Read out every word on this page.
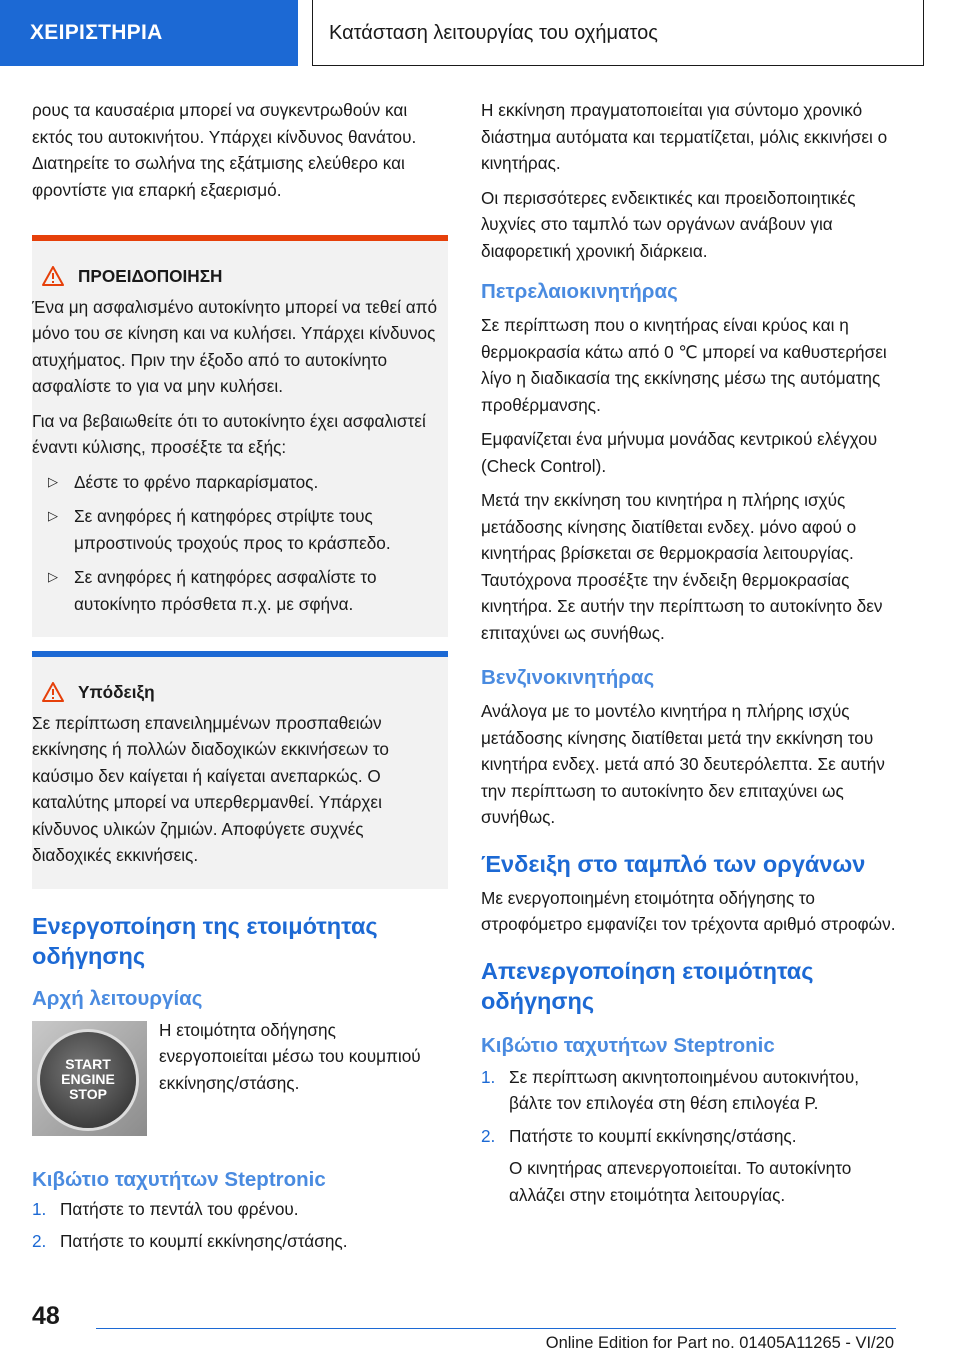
ΧΕΙΡΙΣΤΗΡΙΑ	Κατάσταση λειτουργίας του οχήματος

ρους τα καυσαέρια μπορεί να συγκεντρωθούν και εκτός του αυτοκινήτου. Υπάρχει κίνδυνος θανάτου. Διατηρείτε το σωλήνα της εξάτμισης ελεύθερο και φροντίστε για επαρκή εξαερισμό.

ΠΡΟΕΙΔΟΠΟΙΗΣΗ

Ένα μη ασφαλισμένο αυτοκίνητο μπορεί να τεθεί από μόνο του σε κίνηση και να κυλήσει. Υπάρχει κίνδυνος ατυχήματος. Πριν την έξοδο από το αυτοκίνητο ασφαλίστε το για να μην κυλήσει.

Για να βεβαιωθείτε ότι το αυτοκίνητο έχει ασφαλιστεί έναντι κύλισης, προσέξτε τα εξής:

▷ Δέστε το φρένο παρκαρίσματος.
▷ Σε ανηφόρες ή κατηφόρες στρίψτε τους μπροστινούς τροχούς προς το κράσπεδο.
▷ Σε ανηφόρες ή κατηφόρες ασφαλίστε το αυτοκίνητο πρόσθετα π.χ. με σφήνα.
Υπόδειξη

Σε περίπτωση επανειλημμένων προσπαθειών εκκίνησης ή πολλών διαδοχικών εκκινήσεων το καύσιμο δεν καίγεται ή καίγεται ανεπαρκώς. Ο καταλύτης μπορεί να υπερθερμανθεί. Υπάρχει κίνδυνος υλικών ζημιών. Αποφύγετε συχνές διαδοχικές εκκινήσεις.

Ενεργοποίηση της ετοιμότητας οδήγησης
Αρχή λειτουργίας
START
ENGINE
STOP

Η ετοιμότητα οδήγησης ενεργοποιείται μέσω του κουμπιού εκκίνησης/στάσης.

Κιβώτιο ταχυτήτων Steptronic
1. Πατήστε το πεντάλ του φρένου.
2. Πατήστε το κουμπί εκκίνησης/στάσης.

Η εκκίνηση πραγματοποιείται για σύντομο χρονικό διάστημα αυτόματα και τερματίζεται, μόλις εκκινήσει ο κινητήρας.

Οι περισσότερες ενδεικτικές και προειδοποιητικές λυχνίες στο ταμπλό των οργάνων ανάβουν για διαφορετική χρονική διάρκεια.

Πετρελαιοκινητήρας

Σε περίπτωση που ο κινητήρας είναι κρύος και η θερμοκρασία κάτω από 0 ℃ μπορεί να καθυστερήσει λίγο η διαδικασία της εκκίνησης μέσω της αυτόματης προθέρμανσης.

Εμφανίζεται ένα μήνυμα μονάδας κεντρικού ελέγχου (Check Control).

Μετά την εκκίνηση του κινητήρα η πλήρης ισχύς μετάδοσης κίνησης διατίθεται ενδεχ. μόνο αφού ο κινητήρας βρίσκεται σε θερμοκρασία λειτουργίας. Ταυτόχρονα προσέξτε την ένδειξη θερμοκρασίας κινητήρα. Σε αυτήν την περίπτωση το αυτοκίνητο δεν επιταχύνει ως συνήθως.

Βενζινοκινητήρας

Ανάλογα με το μοντέλο κινητήρα η πλήρης ισχύς μετάδοσης κίνησης διατίθεται μετά την εκκίνηση του κινητήρα ενδεχ. μετά από 30 δευτερόλεπτα. Σε αυτήν την περίπτωση το αυτοκίνητο δεν επιταχύνει ως συνήθως.

Ένδειξη στο ταμπλό των οργάνων

Με ενεργοποιημένη ετοιμότητα οδήγησης το στροφόμετρο εμφανίζει τον τρέχοντα αριθμό στροφών.

Απενεργοποίηση ετοιμότητας οδήγησης
Κιβώτιο ταχυτήτων Steptronic
1. Σε περίπτωση ακινητοποιημένου αυτοκινήτου, βάλτε τον επιλογέα στη θέση επιλογέα P.
2. Πατήστε το κουμπί εκκίνησης/στάσης.

Ο κινητήρας απενεργοποιείται. Το αυτοκίνητο αλλάζει στην ετοιμότητα λειτουργίας.

48
Online Edition for Part no. 01405A11265 - VI/20
